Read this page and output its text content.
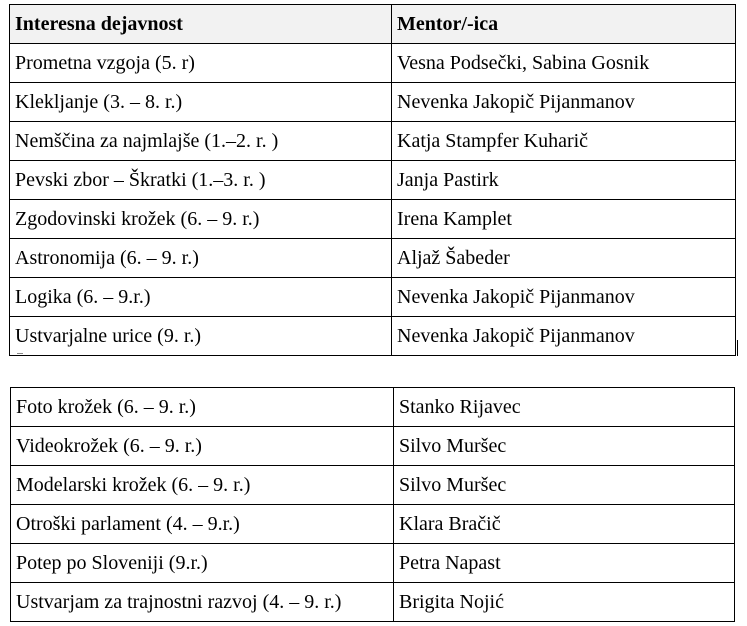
Interesna dejavnost	Mentor/-ica
Prometna vzgoja (5. r)	Vesna Podsečki, Sabina Gosnik
Klekljanje (3. – 8. r.)	Nevenka Jakopič Pijanmanov
Nemščina za najmlajše (1.–2. r. )	Katja Stampfer Kuharič
Pevski zbor – Škratki (1.–3. r. )	Janja Pastirk
Zgodovinski krožek (6. – 9. r.)	Irena Kamplet
Astronomija (6. – 9. r.)	Aljaž Šabeder
Logika (6. – 9.r.)	Nevenka Jakopič Pijanmanov
Ustvarjalne urice (9. r.)	Nevenka Jakopič Pijanmanov
Foto krožek (6. – 9. r.)	Stanko Rijavec
Videokrožek (6. – 9. r.)	Silvo Muršec
Modelarski krožek (6. – 9. r.)	Silvo Muršec
Otroški parlament (4. – 9.r.)	Klara Bračič
Potep po Sloveniji (9.r.)	Petra Napast
Ustvarjam za trajnostni razvoj (4. – 9. r.)	Brigita Nojić
